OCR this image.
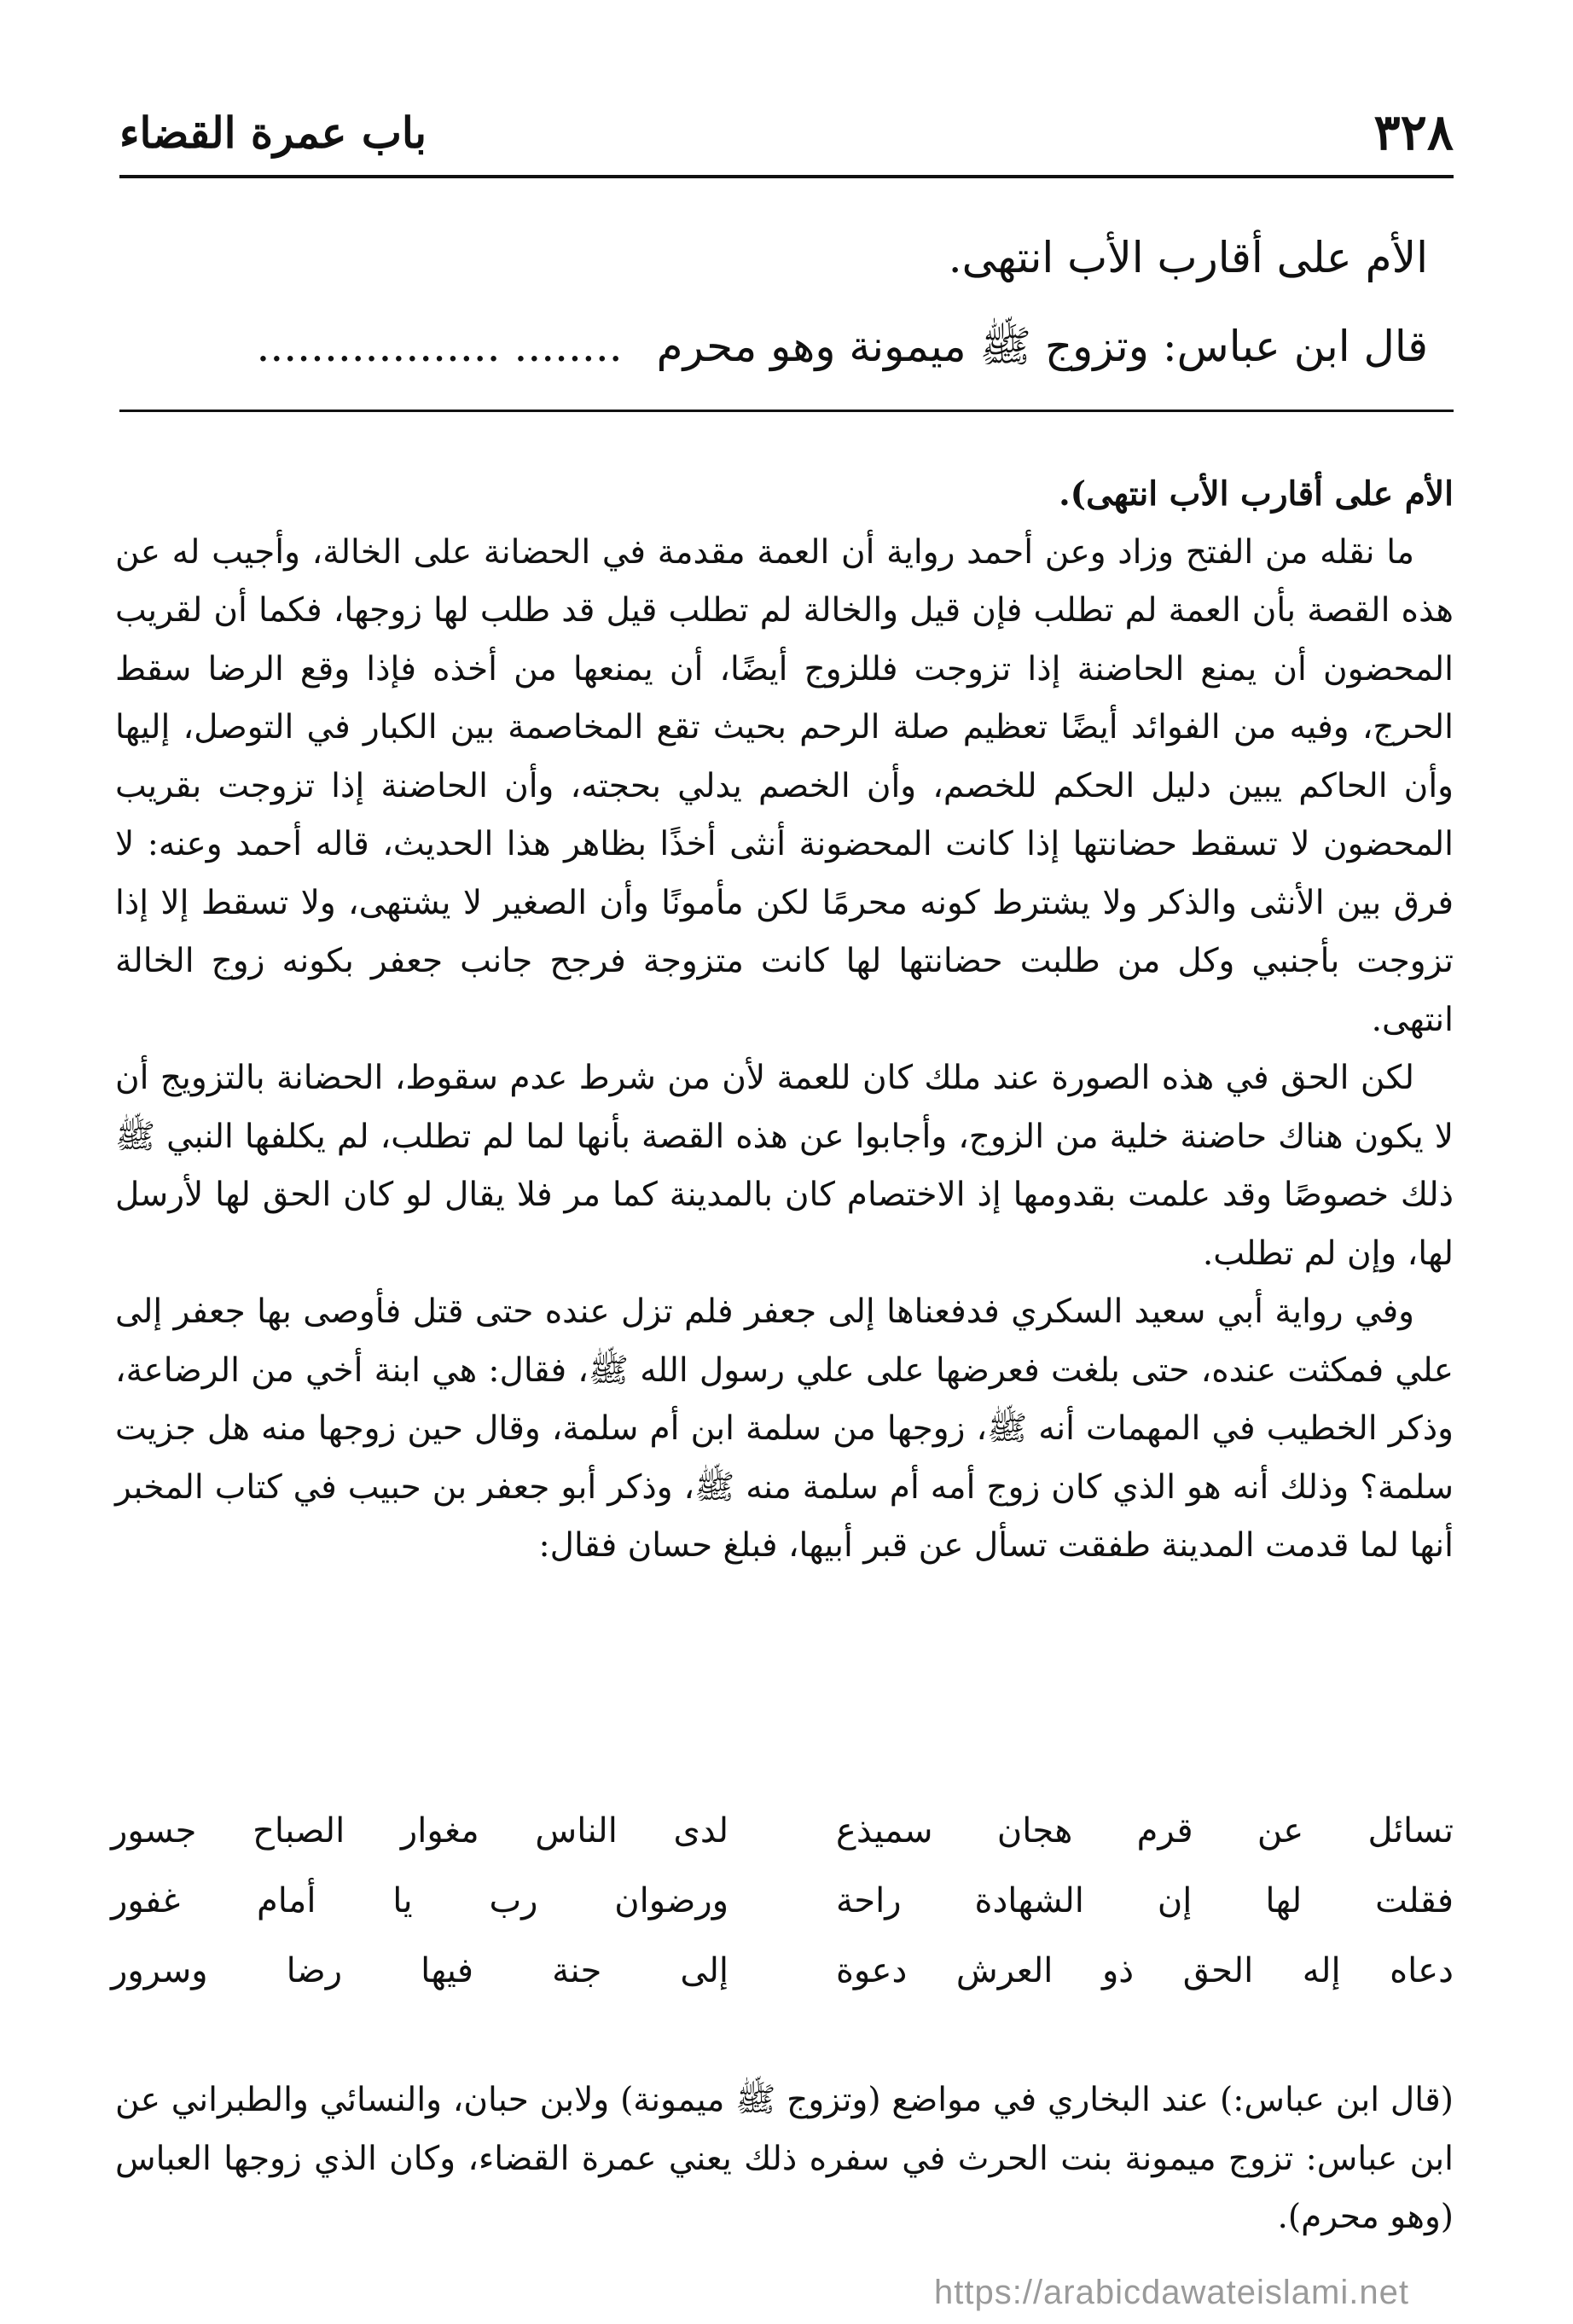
٣٢٨
باب عمرة القضاء
الأم على أقارب الأب انتهى.
قال ابن عباس: وتزوج ﷺ ميمونة وهو محرم........ ..................

الأم على أقارب الأب انتهى).

ما نقله من الفتح وزاد وعن أحمد رواية أن العمة مقدمة في الحضانة على الخالة، وأجيب له عن هذه القصة بأن العمة لم تطلب فإن قيل والخالة لم تطلب قيل قد طلب لها زوجها، فكما أن لقريب المحضون أن يمنع الحاضنة إذا تزوجت فللزوج أيضًا، أن يمنعها من أخذه فإذا وقع الرضا سقط الحرج، وفيه من الفوائد أيضًا تعظيم صلة الرحم بحيث تقع المخاصمة بين الكبار في التوصل، إليها وأن الحاكم يبين دليل الحكم للخصم، وأن الخصم يدلي بحجته، وأن الحاضنة إذا تزوجت بقريب المحضون لا تسقط حضانتها إذا كانت المحضونة أنثى أخذًا بظاهر هذا الحديث، قاله أحمد وعنه: لا فرق بين الأنثى والذكر ولا يشترط كونه محرمًا لكن مأمونًا وأن الصغير لا يشتهى، ولا تسقط إلا إذا تزوجت بأجنبي وكل من طلبت حضانتها لها كانت متزوجة فرجح جانب جعفر بكونه زوج الخالة انتهى.

لكن الحق في هذه الصورة عند ملك كان للعمة لأن من شرط عدم سقوط، الحضانة بالتزويج أن لا يكون هناك حاضنة خلية من الزوج، وأجابوا عن هذه القصة بأنها لما لم تطلب، لم يكلفها النبي ﷺ ذلك خصوصًا وقد علمت بقدومها إذ الاختصام كان بالمدينة كما مر فلا يقال لو كان الحق لها لأرسل لها، وإن لم تطلب.

وفي رواية أبي سعيد السكري فدفعناها إلى جعفر فلم تزل عنده حتى قتل فأوصى بها جعفر إلى علي فمكثت عنده، حتى بلغت فعرضها على علي رسول الله ﷺ، فقال: هي ابنة أخي من الرضاعة، وذكر الخطيب في المهمات أنه ﷺ، زوجها من سلمة ابن أم سلمة، وقال حين زوجها منه هل جزيت سلمة؟ وذلك أنه هو الذي كان زوج أمه أم سلمة منه ﷺ، وذكر أبو جعفر بن حبيب في كتاب المخبر أنها لما قدمت المدينة طفقت تسأل عن قبر أبيها، فبلغ حسان فقال:

تسائل عن قرم هجان سميذع
لدى الناس مغوار الصباح جسور
فقلت لها إن الشهادة راحة
ورضوان رب يا أمام غفور
دعاه إله الحق ذو العرش دعوة
إلى جنة فيها رضا وسرور

(قال ابن عباس:) عند البخاري في مواضع (وتزوج ﷺ ميمونة) ولابن حبان، والنسائي والطبراني عن ابن عباس: تزوج ميمونة بنت الحرث في سفره ذلك يعني عمرة القضاء، وكان الذي زوجها العباس (وهو محرم).

https://arabicdawateislami.net
